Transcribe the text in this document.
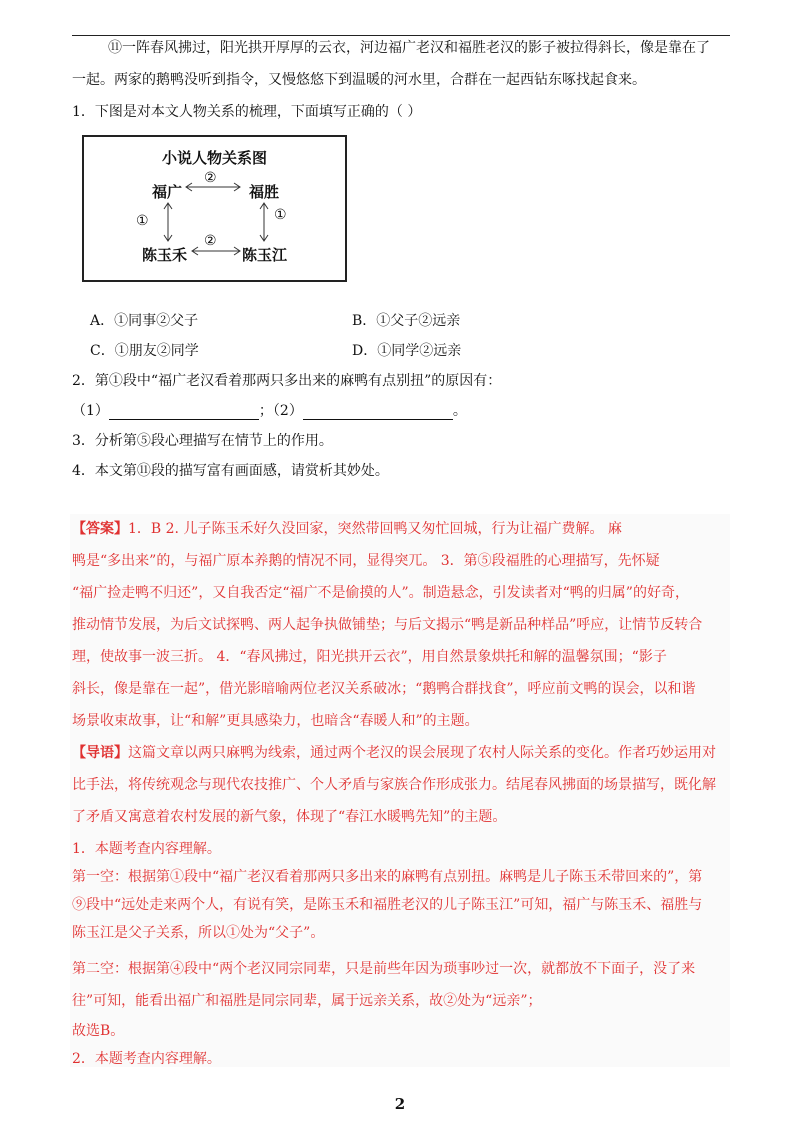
⑪一阵春风拂过，阳光拱开厚厚的云衣，河边福广老汉和福胜老汉的影子被拉得斜长，像是靠在了
一起。两家的鹅鸭没听到指令，又慢悠悠下到温暖的河水里，合群在一起西钻东啄找起食来。
1．下图是对本文人物关系的梳理，下面填写正确的（ ）
小说人物关系图
福广	福胜
陈玉禾	陈玉江
②
②
①	①
A．①同事②父子	B．①父子②远亲
C．①朋友②同学	D．①同学②远亲
2．第①段中“福广老汉看着那两只多出来的麻鸭有点别扭”的原因有：
（1）	；（2）	。
3．分析第⑤段心理描写在情节上的作用。
4．本文第⑪段的描写富有画面感，请赏析其妙处。
【答案】1．B 2. 儿子陈玉禾好久没回家，突然带回鸭又匆忙回城，行为让福广费解。 麻
鸭是“多出来”的，与福广原本养鹅的情况不同，显得突兀。 3．第⑤段福胜的心理描写，先怀疑
“福广捡走鸭不归还”，又自我否定“福广不是偷摸的人”。制造悬念，引发读者对“鸭的归属”的好奇，
推动情节发展，为后文试探鸭、两人起争执做铺垫；与后文揭示“鸭是新品种样品”呼应，让情节反转合
理，使故事一波三折。 4．“春风拂过，阳光拱开云衣”，用自然景象烘托和解的温馨氛围；“影子
斜长，像是靠在一起”，借光影暗喻两位老汉关系破冰；“鹅鸭合群找食”，呼应前文鸭的误会，以和谐
场景收束故事，让“和解”更具感染力，也暗含“春暖人和”的主题。
【导语】这篇文章以两只麻鸭为线索，通过两个老汉的误会展现了农村人际关系的变化。作者巧妙运用对
比手法，将传统观念与现代农技推广、个人矛盾与家族合作形成张力。结尾春风拂面的场景描写，既化解
了矛盾又寓意着农村发展的新气象，体现了“春江水暖鸭先知”的主题。
1．本题考查内容理解。
第一空：根据第①段中“福广老汉看着那两只多出来的麻鸭有点别扭。麻鸭是儿子陈玉禾带回来的”，第
⑨段中“远处走来两个人，有说有笑，是陈玉禾和福胜老汉的儿子陈玉江”可知，福广与陈玉禾、福胜与
陈玉江是父子关系，所以①处为“父子”。
第二空：根据第④段中“两个老汉同宗同辈，只是前些年因为琐事吵过一次，就都放不下面子，没了来
往”可知，能看出福广和福胜是同宗同辈，属于远亲关系，故②处为“远亲”；
故选B。
2．本题考查内容理解。
2
